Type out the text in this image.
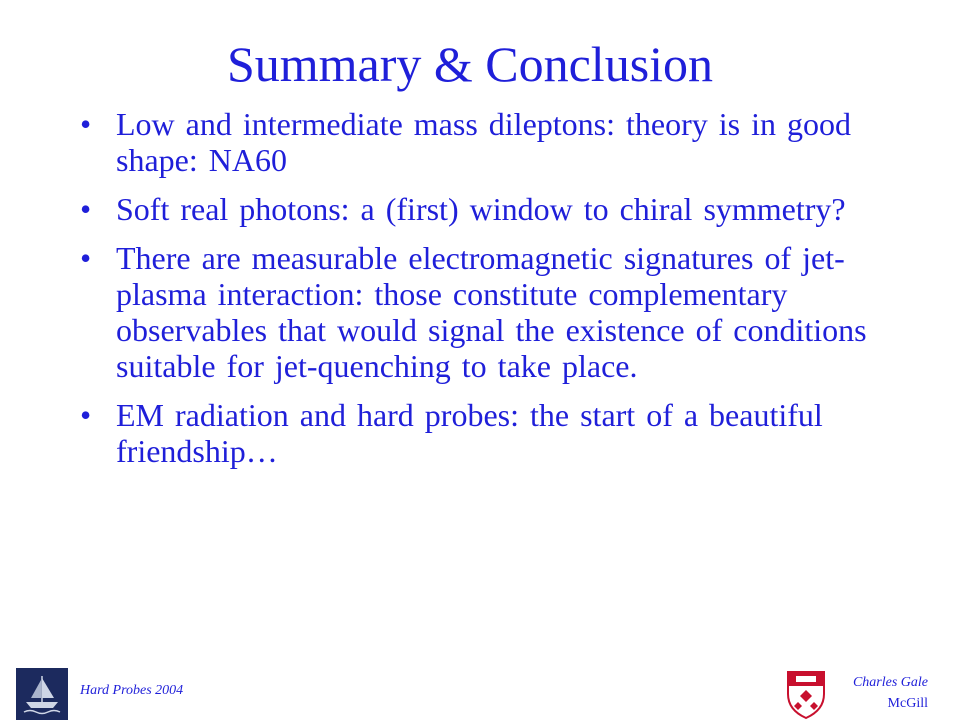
Summary & Conclusion
• Low and intermediate mass dileptons: theory is in good shape: NA60
• Soft real photons: a (first) window to chiral symmetry?
• There are measurable electromagnetic signatures of jet-plasma interaction: those constitute complementary observables that would signal the existence of conditions suitable for jet-quenching to take place.
• EM radiation and hard probes: the start of a beautiful friendship…
Hard Probes 2004
Charles Gale
McGill
